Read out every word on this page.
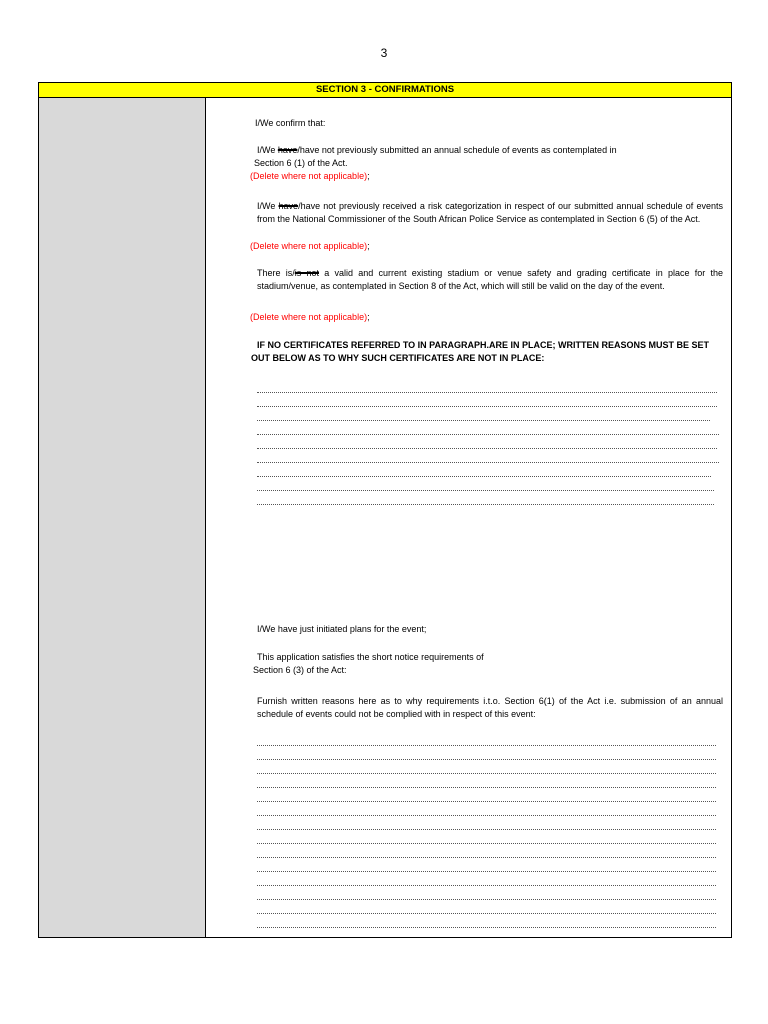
3
SECTION 3 - CONFIRMATIONS

I/We confirm that:

I/We have/have not previously submitted an annual schedule of events as contemplated in

Section 6 (1) of the Act.

(Delete where not applicable);

I/We have/have not previously received a risk categorization in respect of our submitted annual schedule of events from the National Commissioner of the South African Police Service as contemplated in Section 6 (5) of the Act.

(Delete where not applicable);

There is/is not a valid and current existing stadium or venue safety and grading certificate in place for the stadium/venue, as contemplated in Section 8 of the Act, which will still be valid on the day of the event.

(Delete where not applicable);

IF NO CERTIFICATES REFERRED TO IN PARAGRAPH.ARE IN PLACE; WRITTEN REASONS MUST BE SET

OUT BELOW AS TO WHY SUCH CERTIFICATES ARE NOT IN PLACE:

I/We have just initiated plans for the event;

This application satisfies the short notice requirements of

Section 6 (3) of the Act:

Furnish written reasons here as to why requirements i.t.o. Section 6(1) of the Act i.e. submission of an annual schedule of events could not be complied with in respect of this event:
